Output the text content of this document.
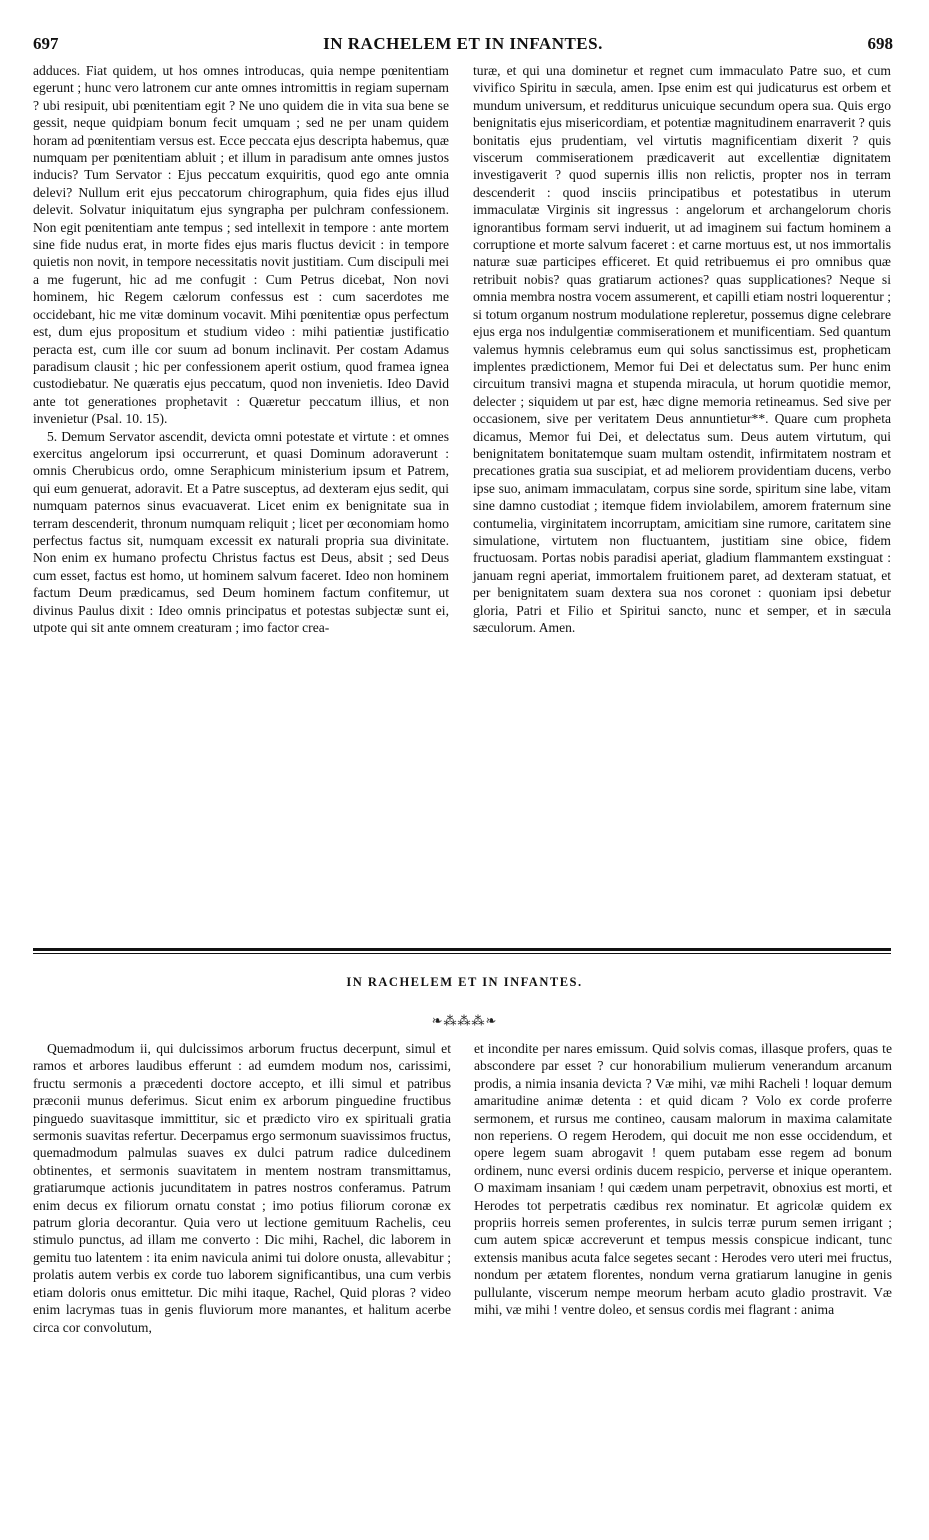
697	IN RACHELEM ET IN INFANTES.	698

adduces. Fiat quidem, ut hos omnes introducas, quia nempe pœnitentiam egerunt ; hunc vero latronem cur ante omnes intromittis in regiam supernam ? ubi resipuit, ubi pœnitentiam egit ? Ne uno quidem die in vita sua bene se gessit, neque quidpiam bonum fecit umquam ; sed ne per unam quidem horam ad pœnitentiam versus est. Ecce peccata ejus descripta habemus, quæ numquam per pœnitentiam abluit ; et illum in paradisum ante omnes justos inducis? Tum Servator : Ejus peccatum exquiritis, quod ego ante omnia delevi? Nullum erit ejus peccatorum chirographum, quia fides ejus illud delevit. Solvatur iniquitatum ejus syngrapha per pulchram confessionem. Non egit pœnitentiam ante tempus ; sed intellexit in tempore : ante mortem sine fide nudus erat, in morte fides ejus maris fluctus devicit : in tempore quietis non novit, in tempore necessitatis novit justitiam. Cum discipuli mei a me fugerunt, hic ad me confugit : Cum Petrus dicebat, Non novi hominem, hic Regem cælorum confessus est : cum sacerdotes me occidebant, hic me vitæ dominum vocavit. Mihi pœnitentiæ opus perfectum est, dum ejus propositum et studium video : mihi patientiæ justificatio peracta est, cum ille cor suum ad bonum inclinavit. Per costam Adamus paradisum clausit ; hic per confessionem aperit ostium, quod framea ignea custodiebatur. Ne quæratis ejus peccatum, quod non invenietis. Ideo David ante tot generationes prophetavit : Quæretur peccatum illius, et non invenietur (Psal. 10. 15).

5. Demum Servator ascendit, devicta omni potestate et virtute : et omnes exercitus angelorum ipsi occurrerunt, et quasi Dominum adoraverunt : omnis Cherubicus ordo, omne Seraphicum ministerium ipsum et Patrem, qui eum genuerat, adoravit. Et a Patre susceptus, ad dexteram ejus sedit, qui numquam paternos sinus evacuaverat. Licet enim ex benignitate sua in terram descenderit, thronum numquam reliquit ; licet per œconomiam homo perfectus factus sit, numquam excessit ex naturali propria sua divinitate. Non enim ex humano profectu Christus factus est Deus, absit ; sed Deus cum esset, factus est homo, ut hominem salvum faceret. Ideo non hominem factum Deum prædicamus, sed Deum hominem factum confitemur, ut divinus Paulus dixit : Ideo omnis principatus et potestas subjectæ sunt ei, utpote qui sit ante omnem creaturam ; imo factor crea-

turæ, et qui una dominetur et regnet cum immaculato Patre suo, et cum vivifico Spiritu in sæcula, amen. Ipse enim est qui judicaturus est orbem et mundum universum, et redditurus unicuique secundum opera sua. Quis ergo benignitatis ejus misericordiam, et potentiæ magnitudinem enarraverit ? quis bonitatis ejus prudentiam, vel virtutis magnificentiam dixerit ? quis viscerum commiserationem prædicaverit aut excellentiæ dignitatem investigaverit ? quod supernis illis non relictis, propter nos in terram descenderit : quod insciis principatibus et potestatibus in uterum immaculatæ Virginis sit ingressus : angelorum et archangelorum choris ignorantibus formam servi induerit, ut ad imaginem sui factum hominem a corruptione et morte salvum faceret : et carne mortuus est, ut nos immortalis naturæ suæ participes efficeret. Et quid retribuemus ei pro omnibus quæ retribuit nobis? quas gratiarum actiones? quas supplicationes? Neque si omnia membra nostra vocem assumerent, et capilli etiam nostri loquerentur ; si totum organum nostrum modulatione repleretur, possemus digne celebrare ejus erga nos indulgentiæ commiserationem et munificentiam. Sed quantum valemus hymnis celebramus eum qui solus sanctissimus est, propheticam implentes prædictionem, Memor fui Dei et delectatus sum. Per hunc enim circuitum transivi magna et stupenda miracula, ut horum quotidie memor, delecter ; siquidem ut par est, hæc digne memoria retineamus. Sed sive per occasionem, sive per veritatem Deus annuntietur**. Quare cum propheta dicamus, Memor fui Dei, et delectatus sum. Deus autem virtutum, qui benignitatem bonitatemque suam multam ostendit, infirmitatem nostram et precationes gratia sua suscipiat, et ad meliorem providentiam ducens, verbo ipse suo, animam immaculatam, corpus sine sorde, spiritum sine labe, vitam sine damno custodiat ; itemque fidem inviolabilem, amorem fraternum sine contumelia, virginitatem incorruptam, amicitiam sine rumore, caritatem sine simulatione, virtutem non fluctuantem, justitiam sine obice, fidem fructuosam. Portas nobis paradisi aperiat, gladium flammantem exstinguat : januam regni aperiat, immortalem fruitionem paret, ad dexteram statuat, et per benignitatem suam dextera sua nos coronet : quoniam ipsi debetur gloria, Patri et Filio et Spiritui sancto, nunc et semper, et in sæcula sæculorum. Amen.

IN RACHELEM ET IN INFANTES.
❧⁂⁂⁂❧

Quemadmodum ii, qui dulcissimos arborum fructus decerpunt, simul et ramos et arbores laudibus efferunt : ad eumdem modum nos, carissimi, fructu sermonis a præcedenti doctore accepto, et illi simul et patribus præconii munus deferimus. Sicut enim ex arborum pinguedine fructibus pinguedo suavitasque immittitur, sic et prædicto viro ex spirituali gratia sermonis suavitas refertur. Decerpamus ergo sermonum suavissimos fructus, quemadmodum palmulas suaves ex dulci patrum radice dulcedinem obtinentes, et sermonis suavitatem in mentem nostram transmittamus, gratiarumque actionis jucunditatem in patres nostros conferamus. Patrum enim decus ex filiorum ornatu constat ; imo potius filiorum coronæ ex patrum gloria decorantur. Quia vero ut lectione gemituum Rachelis, ceu stimulo punctus, ad illam me converto : Dic mihi, Rachel, dic laborem in gemitu tuo latentem : ita enim navicula animi tui dolore onusta, allevabitur ; prolatis autem verbis ex corde tuo laborem significantibus, una cum verbis etiam doloris onus emittetur. Dic mihi itaque, Rachel, Quid ploras ? video enim lacrymas tuas in genis fluviorum more manantes, et halitum acerbe circa cor convolutum,

et inconditе per nares emissum. Quid solvis comas, illasque profers, quas te abscondere par esset ? cur honorabilium mulierum venerandum arcanum prodis, a nimia insania devicta ? Væ mihi, væ mihi Racheli ! loquar demum amaritudine animæ detenta : et quid dicam ? Volo ex corde proferre sermonem, et rursus me contineo, causam malorum in maxima calamitate non reperiens. O regem Herodem, qui docuit me non esse occidendum, et opere legem suam abrogavit ! quem putabam esse regem ad bonum ordinem, nunc eversi ordinis ducem respicio, perverse et inique operantem. O maximam insaniam ! qui cædem unam perpetravit, obnoxius est morti, et Herodes tot perpetratis cædibus rex nominatur. Et agricolæ quidem ex propriis horreis semen proferentes, in sulcis terræ purum semen irrigant ; cum autem spicæ accreverunt et tempus messis conspicue indicant, tunc extensis manibus acuta falce segetes secant : Herodes vero uteri mei fructus, nondum per ætatem florentes, nondum verna gratiarum lanugine in genis pullulante, viscerum nempe meorum herbam acuto gladio prostravit. Væ mihi, væ mihi ! ventre doleo, et sensus cordis mei flagrant : anima
